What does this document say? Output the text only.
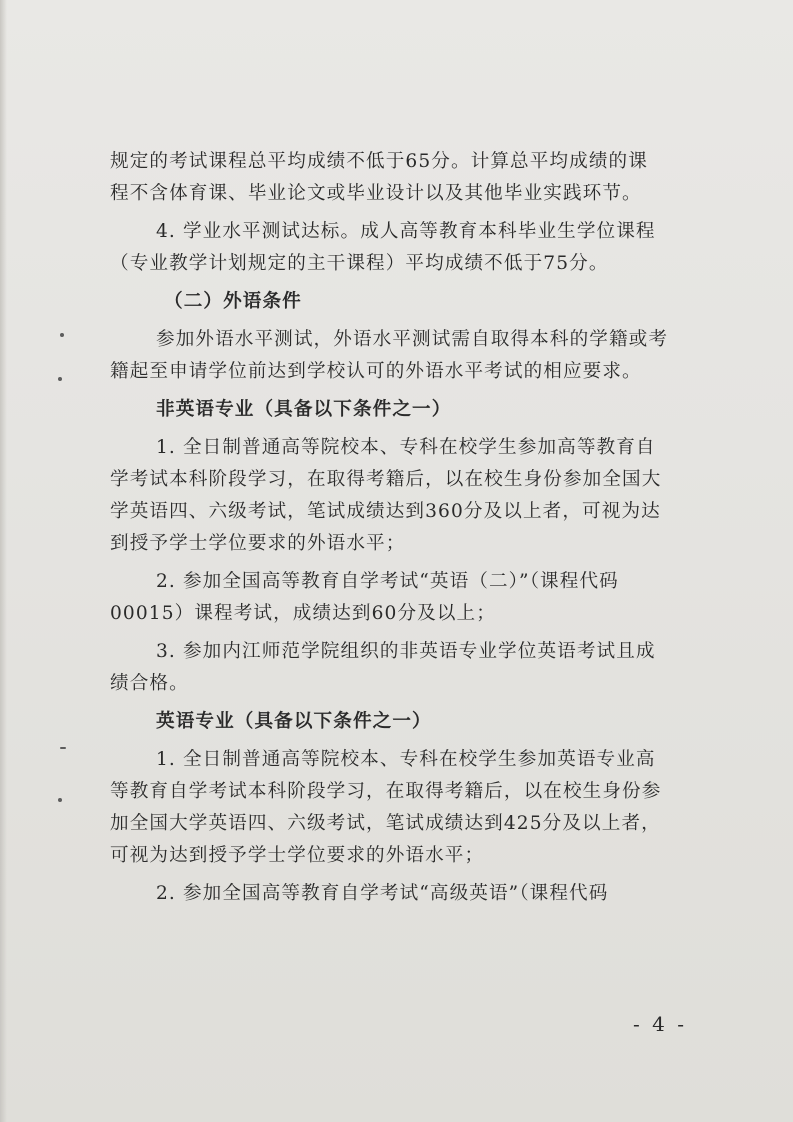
规定的考试课程总平均成绩不低于65分。计算总平均成绩的课
程不含体育课、毕业论文或毕业设计以及其他毕业实践环节。
4. 学业水平测试达标。成人高等教育本科毕业生学位课程
（专业教学计划规定的主干课程）平均成绩不低于75分。
（二）外语条件
参加外语水平测试，外语水平测试需自取得本科的学籍或考
籍起至申请学位前达到学校认可的外语水平考试的相应要求。
非英语专业（具备以下条件之一）
1. 全日制普通高等院校本、专科在校学生参加高等教育自
学考试本科阶段学习，在取得考籍后，以在校生身份参加全国大
学英语四、六级考试，笔试成绩达到360分及以上者，可视为达
到授予学士学位要求的外语水平；
2. 参加全国高等教育自学考试“英语（二）”（课程代码
00015）课程考试，成绩达到60分及以上；
3. 参加内江师范学院组织的非英语专业学位英语考试且成
绩合格。
英语专业（具备以下条件之一）
1. 全日制普通高等院校本、专科在校学生参加英语专业高
等教育自学考试本科阶段学习，在取得考籍后，以在校生身份参
加全国大学英语四、六级考试，笔试成绩达到425分及以上者，
可视为达到授予学士学位要求的外语水平；
2. 参加全国高等教育自学考试“高级英语”（课程代码
- 4 -
